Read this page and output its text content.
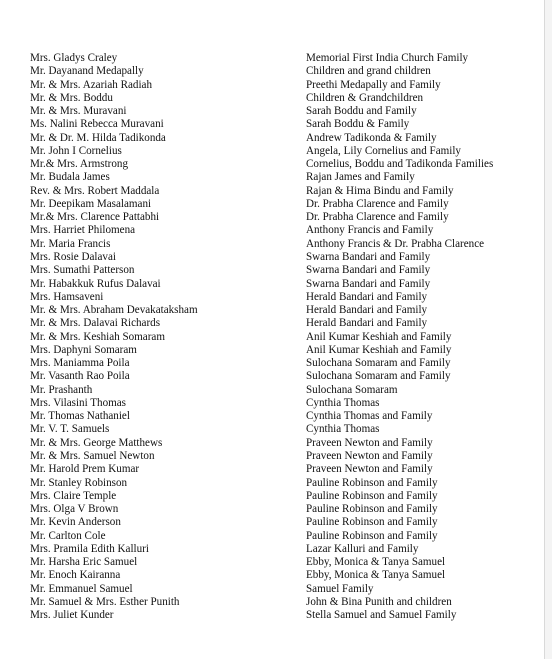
Mrs. Gladys Craley
Mr. Dayanand Medapally
Mr. & Mrs. Azariah Radiah
Mr. & Mrs. Boddu
Mr. & Mrs. Muravani
Ms. Nalini Rebecca Muravani
Mr. & Dr. M. Hilda Tadikonda
Mr. John I Cornelius
Mr.& Mrs. Armstrong
Mr. Budala James
Rev. & Mrs. Robert Maddala
Mr. Deepikam Masalamani
Mr.& Mrs. Clarence Pattabhi
Mrs. Harriet Philomena
Mr. Maria Francis
Mrs. Rosie Dalavai
Mrs. Sumathi Patterson
Mr. Habakkuk Rufus Dalavai
Mrs. Hamsaveni
Mr. & Mrs. Abraham Devakataksham
Mr. & Mrs. Dalavai Richards
Mr. & Mrs. Keshiah Somaram
Mrs. Daphyni Somaram
Mrs. Maniamma Poila
Mr. Vasanth Rao Poila
Mr. Prashanth
Mrs. Vilasini Thomas
Mr. Thomas Nathaniel
Mr. V. T. Samuels
Mr. & Mrs. George Matthews
Mr. & Mrs. Samuel Newton
Mr. Harold Prem Kumar
Mr. Stanley Robinson
Mrs. Claire Temple
Mrs. Olga V Brown
Mr. Kevin Anderson
Mr. Carlton Cole
Mrs. Pramila Edith Kalluri
Mr. Harsha Eric Samuel
Mr. Enoch Kairanna
Mr. Emmanuel Samuel
Mr. Samuel & Mrs. Esther Punith
Mrs. Juliet Kunder
Memorial First India Church Family
Children and grand children
Preethi Medapally and Family
Children & Grandchildren
Sarah Boddu and Family
Sarah Boddu & Family
Andrew Tadikonda & Family
Angela, Lily Cornelius and Family
Cornelius, Boddu and Tadikonda Families
Rajan James and Family
Rajan & Hima Bindu and Family
Dr. Prabha Clarence and Family
Dr. Prabha Clarence and Family
Anthony Francis and Family
Anthony Francis & Dr. Prabha Clarence
Swarna Bandari and Family
Swarna Bandari and Family
Swarna Bandari and Family
Herald Bandari and Family
Herald Bandari and Family
Herald Bandari and Family
Anil Kumar Keshiah and Family
Anil Kumar Keshiah and Family
Sulochana Somaram and Family
Sulochana Somaram and Family
Sulochana Somaram
Cynthia Thomas
Cynthia Thomas and Family
Cynthia Thomas
Praveen Newton and Family
Praveen Newton and Family
Praveen Newton and Family
Pauline Robinson and Family
Pauline Robinson and Family
Pauline Robinson and Family
Pauline Robinson and Family
Pauline Robinson and Family
Lazar Kalluri and Family
Ebby, Monica & Tanya Samuel
Ebby, Monica & Tanya Samuel
Samuel Family
John & Bina Punith and children
Stella Samuel and Samuel Family
